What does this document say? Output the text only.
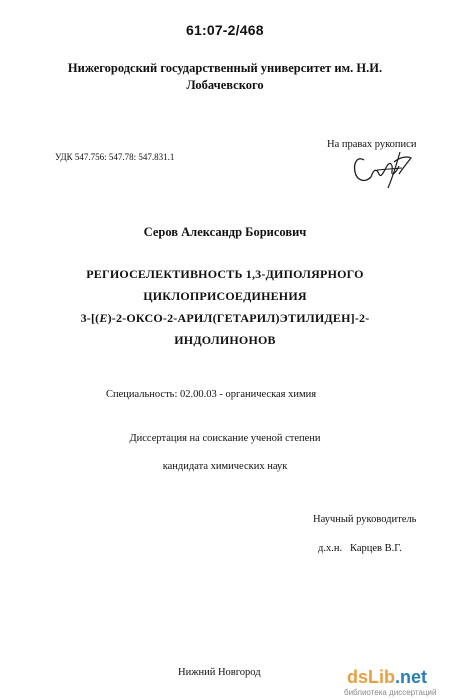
61:07-2/468
Нижегородский государственный университет им. Н.И.
Лобачевского
УДК 547.756: 547.78: 547.831.1
На правах рукописи
Серов Александр Борисович
РЕГИОСЕЛЕКТИВНОСТЬ 1,3-ДИПОЛЯРНОГО
ЦИКЛОПРИСОЕДИНЕНИЯ
3-[(E)-2-ОКСО-2-АРИЛ(ГЕТАРИЛ)ЭТИЛИДЕН]-2-
ИНДОЛИНОНОВ
Специальность: 02.00.03 - органическая химия
Диссертация на соискание ученой степени
кандидата химических наук
Научный руководитель
д.х.н.   Карцев В.Г.
Нижний Новгород	dsLib.net
библиотека диссертаций
